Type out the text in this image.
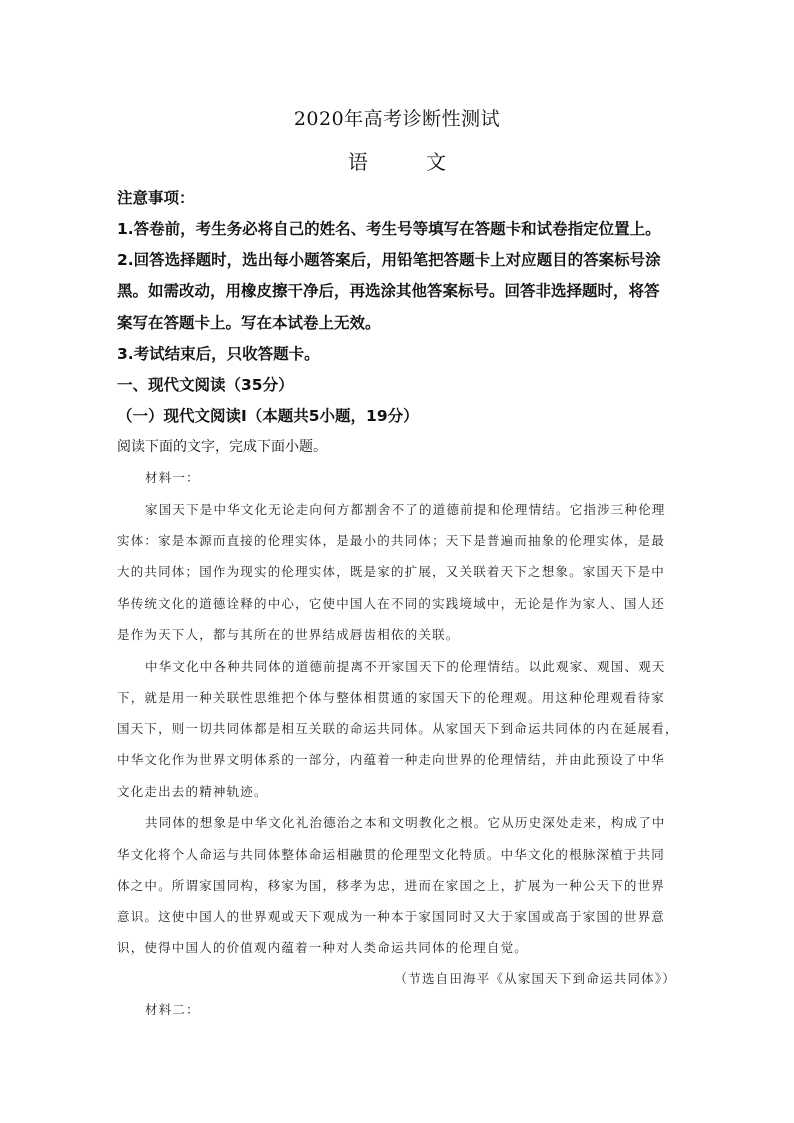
2020年高考诊断性测试
语 文
注意事项：
1.答卷前，考生务必将自己的姓名、考生号等填写在答题卡和试卷指定位置上。
2.回答选择题时，选出每小题答案后，用铅笔把答题卡上对应题目的答案标号涂
黑。如需改动，用橡皮擦干净后，再选涂其他答案标号。回答非选择题时，将答
案写在答题卡上。写在本试卷上无效。
3.考试结束后，只收答题卡。
一、现代文阅读（35分）
（一）现代文阅读Ⅰ（本题共5小题，19分）
阅读下面的文字，完成下面小题。
材料一：
家国天下是中华文化无论走向何方都割舍不了的道德前提和伦理情结。它指涉三种伦理
实体：家是本源而直接的伦理实体，是最小的共同体；天下是普遍而抽象的伦理实体，是最
大的共同体；国作为现实的伦理实体，既是家的扩展，又关联着天下之想象。家国天下是中
华传统文化的道德诠释的中心，它使中国人在不同的实践境域中，无论是作为家人、国人还
是作为天下人，都与其所在的世界结成唇齿相依的关联。
中华文化中各种共同体的道德前提离不开家国天下的伦理情结。以此观家、观国、观天
下，就是用一种关联性思维把个体与整体相贯通的家国天下的伦理观。用这种伦理观看待家
国天下，则一切共同体都是相互关联的命运共同体。从家国天下到命运共同体的内在延展看，
中华文化作为世界文明体系的一部分，内蕴着一种走向世界的伦理情结，并由此预设了中华
文化走出去的精神轨迹。
共同体的想象是中华文化礼治德治之本和文明教化之根。它从历史深处走来，构成了中
华文化将个人命运与共同体整体命运相融贯的伦理型文化特质。中华文化的根脉深植于共同
体之中。所谓家国同构，移家为国，移孝为忠，进而在家国之上，扩展为一种公天下的世界
意识。这使中国人的世界观或天下观成为一种本于家国同时又大于家国或高于家国的世界意
识，使得中国人的价值观内蕴着一种对人类命运共同体的伦理自觉。
（节选自田海平《从家国天下到命运共同体》）
材料二：
